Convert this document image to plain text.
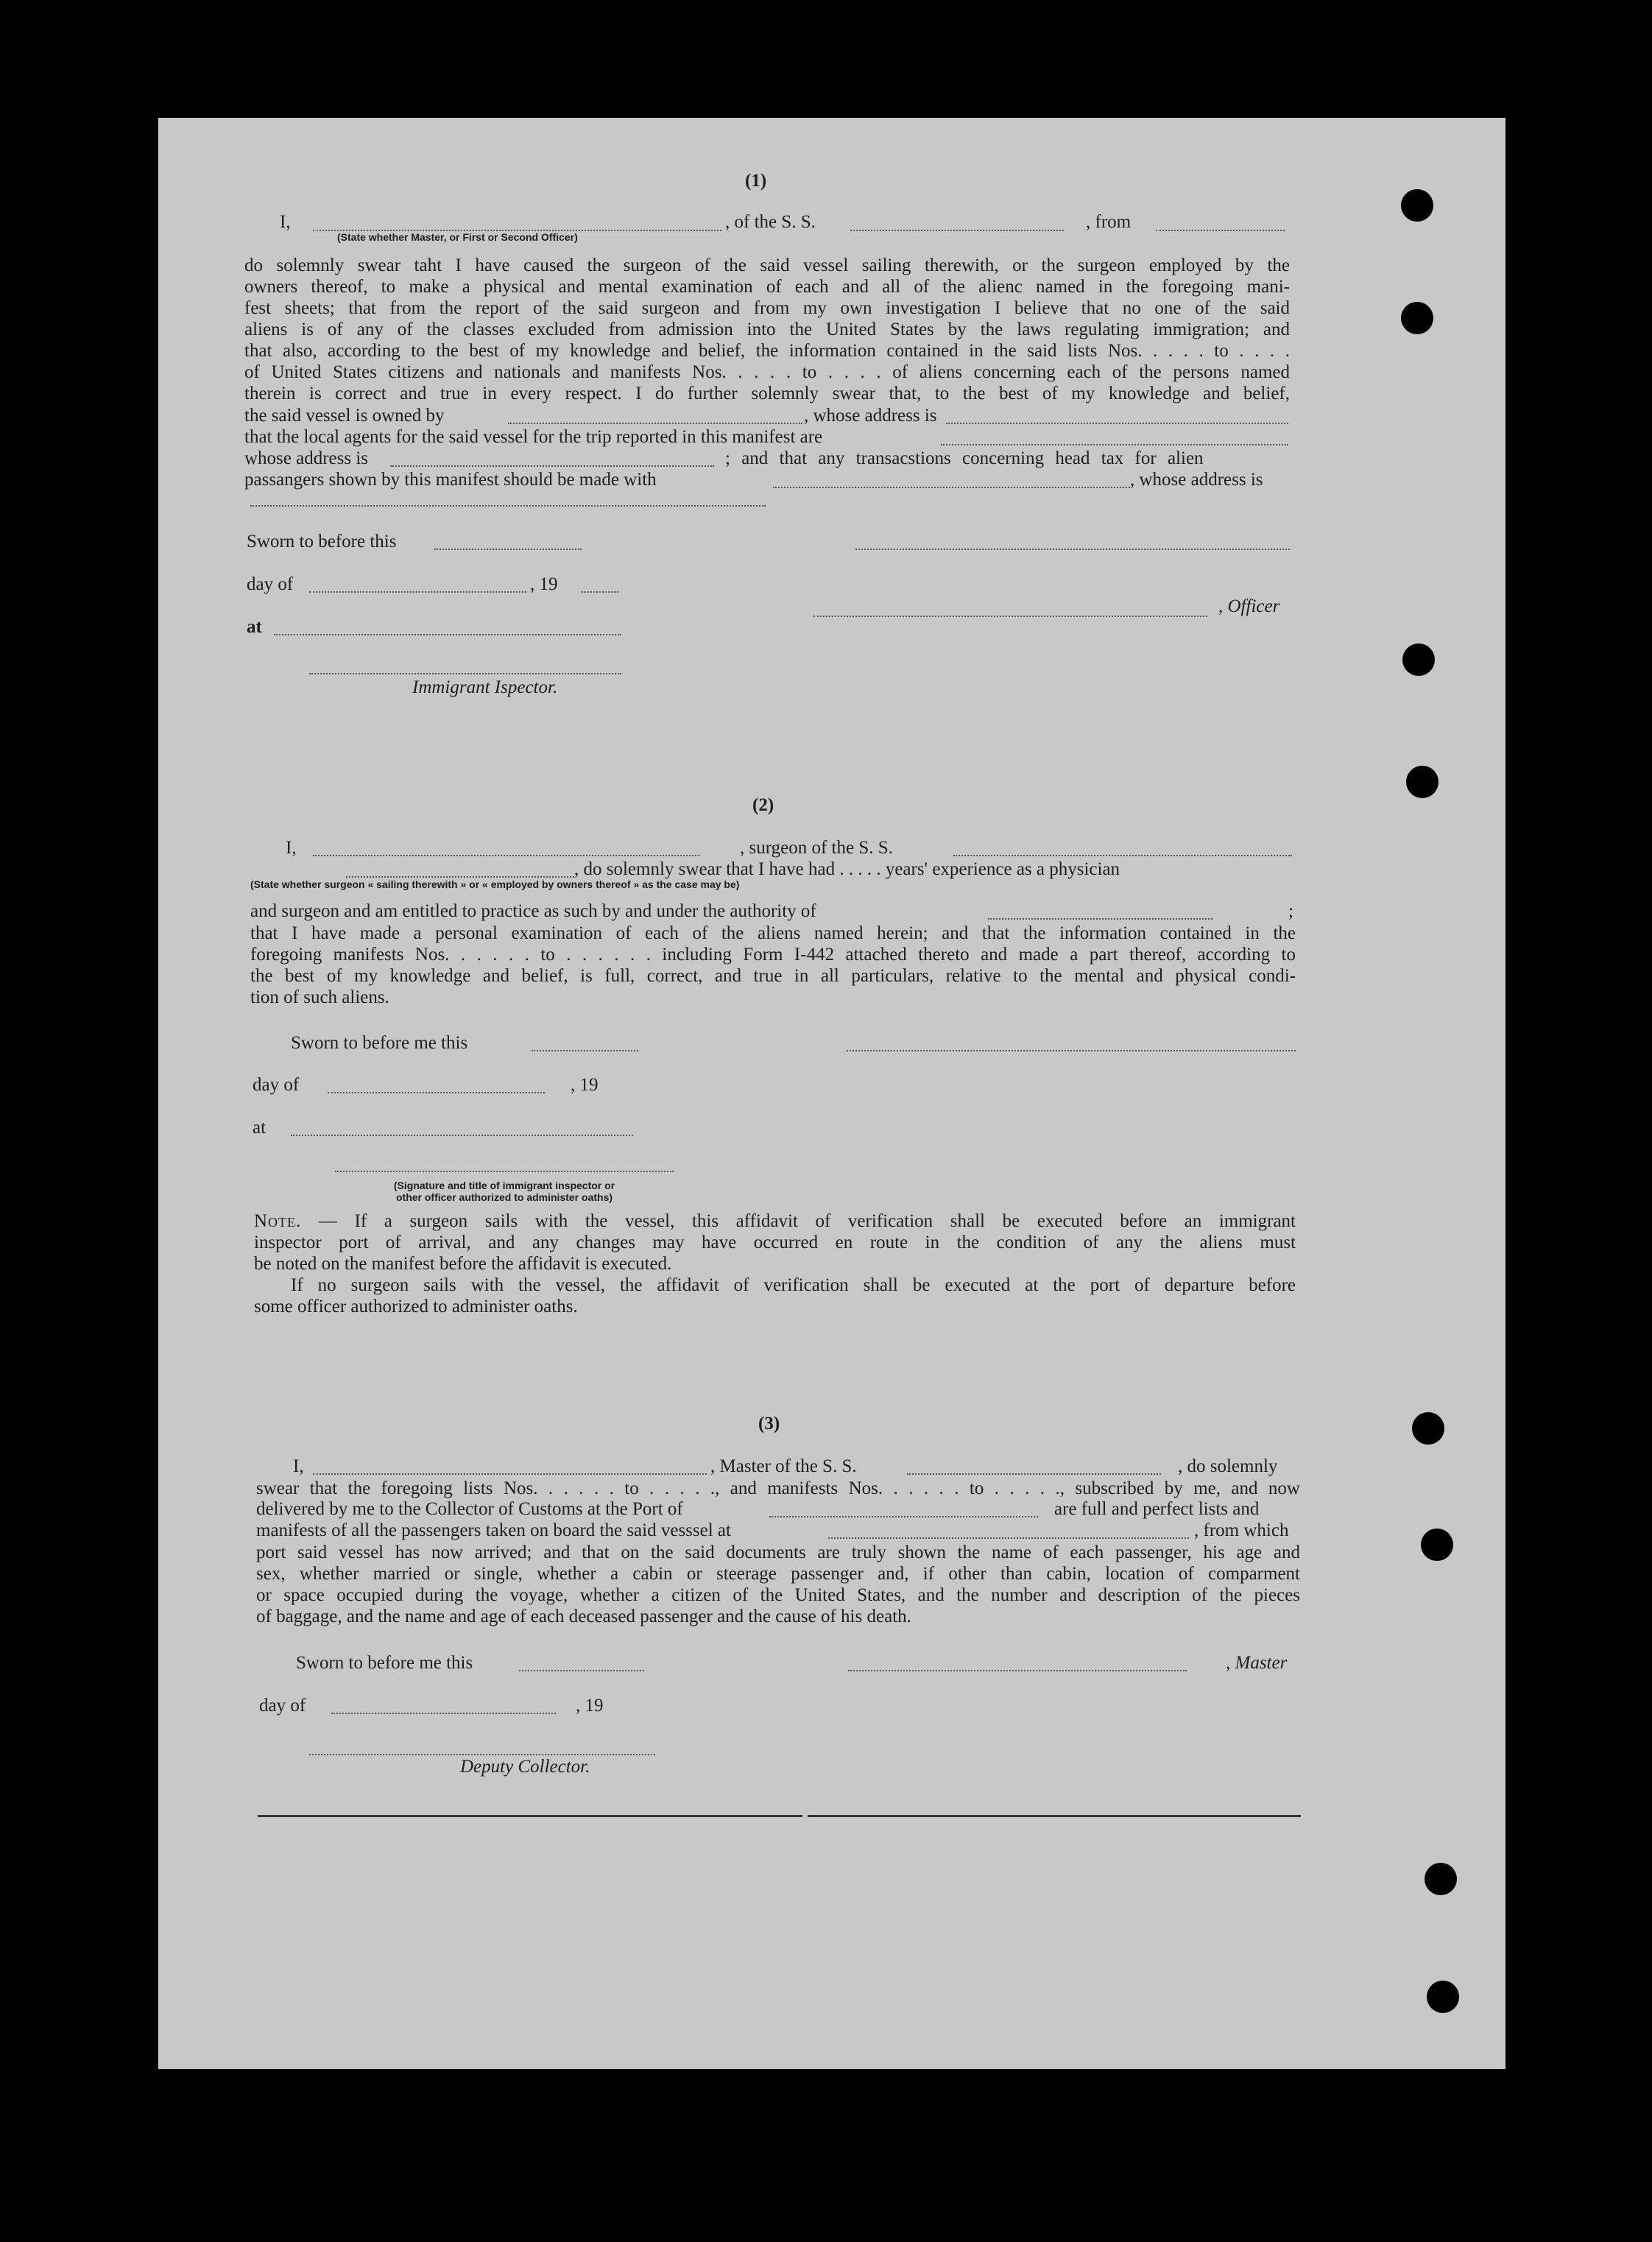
(1)
I,	, of the S. S.	, from
(State whether Master, or First or Second Officer)
do solemnly swear taht I have caused the surgeon of the said vessel sailing therewith, or the surgeon employed by the
owners thereof, to make a physical and mental examination of each and all of the alienc named in the foregoing mani-
fest sheets; that from the report of the said surgeon and from my own investigation I believe that no one of the said
aliens is of any of the classes excluded from admission into the United States by the laws regulating immigration; and
that also, according to the best of my knowledge and belief, the information contained in the said lists Nos. . . . . to . . . .
of United States citizens and nationals and manifests Nos. . . . . to . . . . of aliens concerning each of the persons named
therein is correct and true in every respect. I do further solemnly swear that, to the best of my knowledge and belief,
the said vessel is owned by	, whose address is
that the local agents for the said vessel for the trip reported in this manifest are
whose address is	; and that any transacstions concerning head tax for alien
passangers shown by this manifest should be made with	, whose address is
Sworn to before this
day of	, 19
, Officer
at
Immigrant Ispector.
(2)
I,	, surgeon of the S. S.
, do solemnly swear that I have had . . . . . years' experience as a physician
(State whether surgeon « sailing therewith » or « employed by owners thereof » as the case may be)
and surgeon and am entitled to practice as such by and under the authority of	;
that I have made a personal examination of each of the aliens named herein; and that the information contained in the
foregoing manifests Nos. . . . . . to . . . . . . including Form I-442 attached thereto and made a part thereof, according to
the best of my knowledge and belief, is full, correct, and true in all particulars, relative to the mental and physical condi-
tion of such aliens.
Sworn to before me this
day of	, 19
at
(Signature and title of immigrant inspector or
other officer authorized to administer oaths)
Note. — If a surgeon sails with the vessel, this affidavit of verification shall be executed before an immigrant
inspector port of arrival, and any changes may have occurred en route in the condition of any the aliens must
be noted on the manifest before the affidavit is executed.
If no surgeon sails with the vessel, the affidavit of verification shall be executed at the port of departure before
some officer authorized to administer oaths.
(3)
I,	, Master of the S. S.	, do solemnly
swear that the foregoing lists Nos. . . . . . to . . . . ., and manifests Nos. . . . . . to . . . . ., subscribed by me, and now
delivered by me to the Collector of Customs at the Port of	are full and perfect lists and
manifests of all the passengers taken on board the said vesssel at	, from which
port said vessel has now arrived; and that on the said documents are truly shown the name of each passenger, his age and
sex, whether married or single, whether a cabin or steerage passenger and, if other than cabin, location of comparment
or space occupied during the voyage, whether a citizen of the United States, and the number and description of the pieces
of baggage, and the name and age of each deceased passenger and the cause of his death.
Sworn to before me this	, Master
day of	, 19
Deputy Collector.
